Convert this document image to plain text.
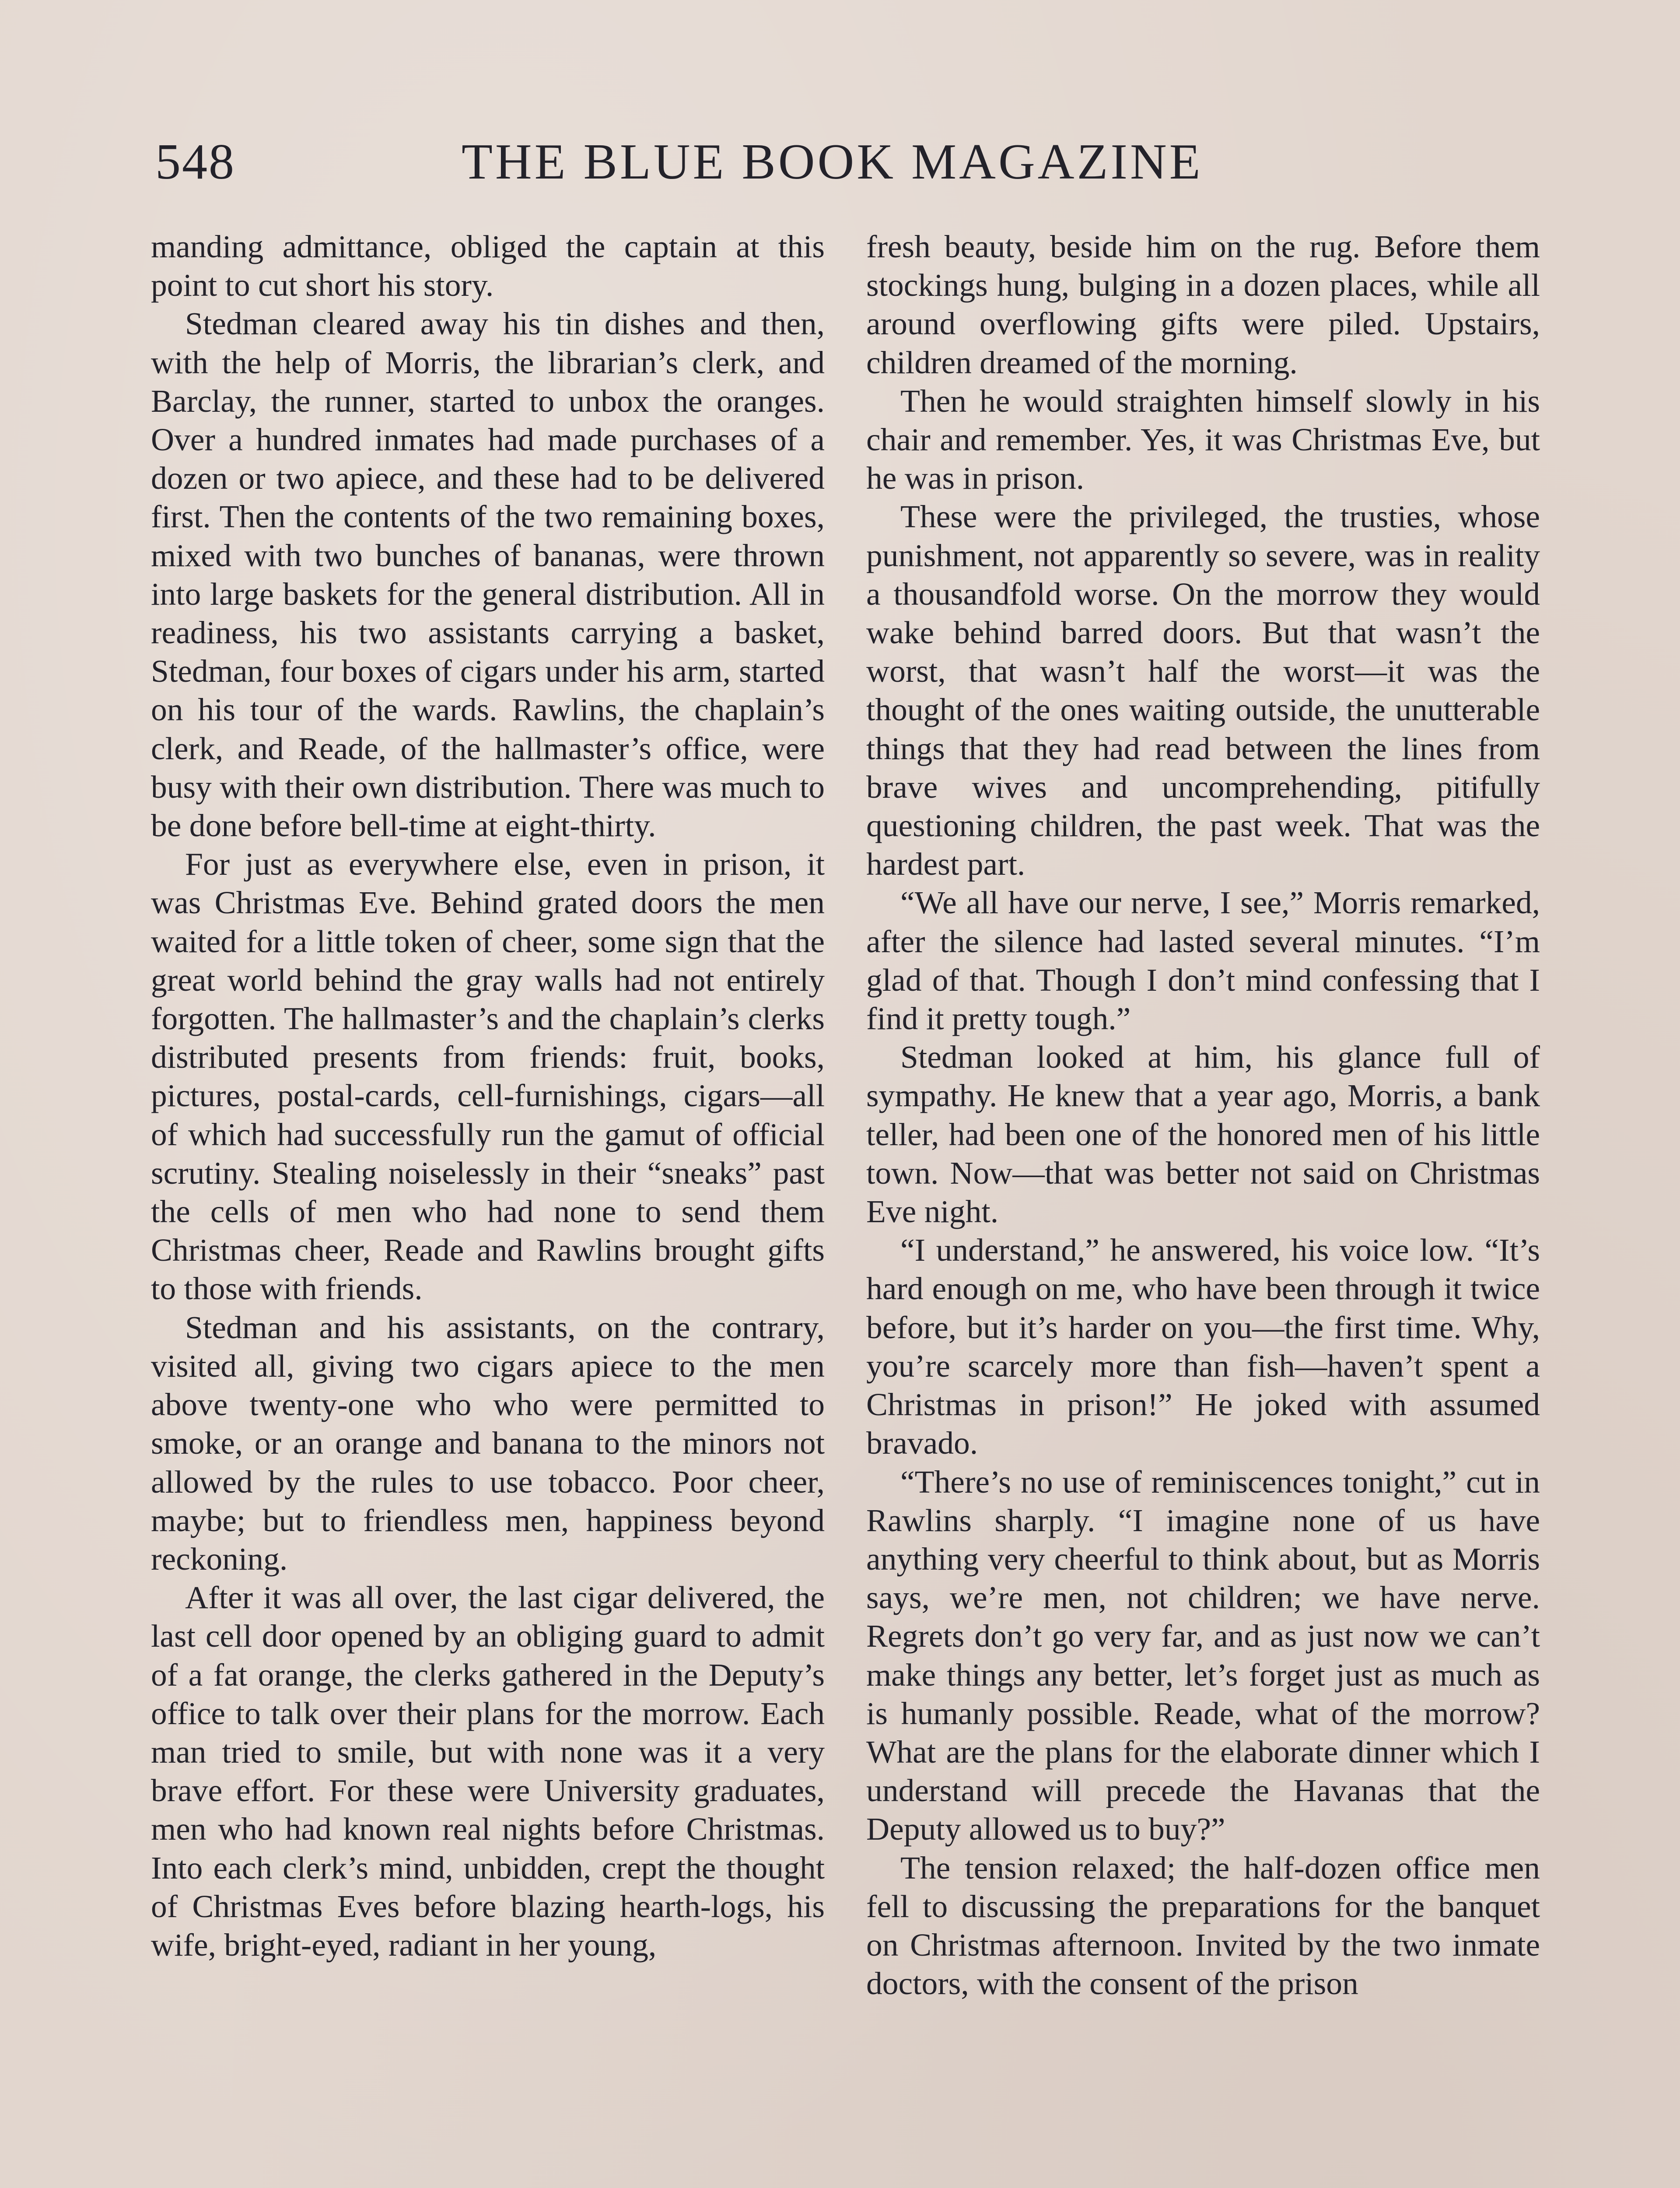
548	THE BLUE BOOK MAGAZINE

manding admittance, obliged the captain at this point to cut short his story.

Stedman cleared away his tin dishes and then, with the help of Morris, the librarian’s clerk, and Barclay, the runner, started to unbox the oranges. Over a hundred inmates had made purchases of a dozen or two apiece, and these had to be delivered first. Then the contents of the two remaining boxes, mixed with two bunches of bananas, were thrown into large baskets for the general distribution. All in readiness, his two assistants carrying a basket, Stedman, four boxes of cigars under his arm, started on his tour of the wards. Rawlins, the chaplain’s clerk, and Reade, of the hallmaster’s office, were busy with their own distribution. There was much to be done before bell-time at eight-thirty.

For just as everywhere else, even in prison, it was Christmas Eve. Behind grated doors the men waited for a little token of cheer, some sign that the great world behind the gray walls had not entirely forgotten. The hallmaster’s and the chaplain’s clerks distributed presents from friends: fruit, books, pictures, postal-cards, cell-furnishings, cigars—all of which had successfully run the gamut of official scrutiny. Stealing noiselessly in their “sneaks” past the cells of men who had none to send them Christmas cheer, Reade and Rawlins brought gifts to those with friends.

Stedman and his assistants, on the contrary, visited all, giving two cigars apiece to the men above twenty-one who who were permitted to smoke, or an orange and banana to the minors not allowed by the rules to use tobacco. Poor cheer, maybe; but to friendless men, happiness beyond reckoning.

After it was all over, the last cigar delivered, the last cell door opened by an obliging guard to admit of a fat orange, the clerks gathered in the Deputy’s office to talk over their plans for the morrow. Each man tried to smile, but with none was it a very brave effort. For these were University graduates, men who had known real nights before Christmas. Into each clerk’s mind, unbidden, crept the thought of Christmas Eves before blazing hearth-logs, his wife, bright-eyed, radiant in her young,

fresh beauty, beside him on the rug. Before them stockings hung, bulging in a dozen places, while all around overflowing gifts were piled. Upstairs, children dreamed of the morning.

Then he would straighten himself slowly in his chair and remember. Yes, it was Christmas Eve, but he was in prison.

These were the privileged, the trusties, whose punishment, not apparently so severe, was in reality a thousandfold worse. On the morrow they would wake behind barred doors. But that wasn’t the worst, that wasn’t half the worst—it was the thought of the ones waiting outside, the unutterable things that they had read between the lines from brave wives and uncomprehending, pitifully questioning children, the past week. That was the hardest part.

“We all have our nerve, I see,” Morris remarked, after the silence had lasted several minutes. “I’m glad of that. Though I don’t mind confessing that I find it pretty tough.”

Stedman looked at him, his glance full of sympathy. He knew that a year ago, Morris, a bank teller, had been one of the honored men of his little town. Now—that was better not said on Christmas Eve night.

“I understand,” he answered, his voice low. “It’s hard enough on me, who have been through it twice before, but it’s harder on you—the first time. Why, you’re scarcely more than fish—haven’t spent a Christmas in prison!” He joked with assumed bravado.

“There’s no use of reminiscences tonight,” cut in Rawlins sharply. “I imagine none of us have anything very cheerful to think about, but as Morris says, we’re men, not children; we have nerve. Regrets don’t go very far, and as just now we can’t make things any better, let’s forget just as much as is humanly possible. Reade, what of the morrow? What are the plans for the elaborate dinner which I understand will precede the Havanas that the Deputy allowed us to buy?”

The tension relaxed; the half-dozen office men fell to discussing the preparations for the banquet on Christmas afternoon. Invited by the two inmate doctors, with the consent of the prison
